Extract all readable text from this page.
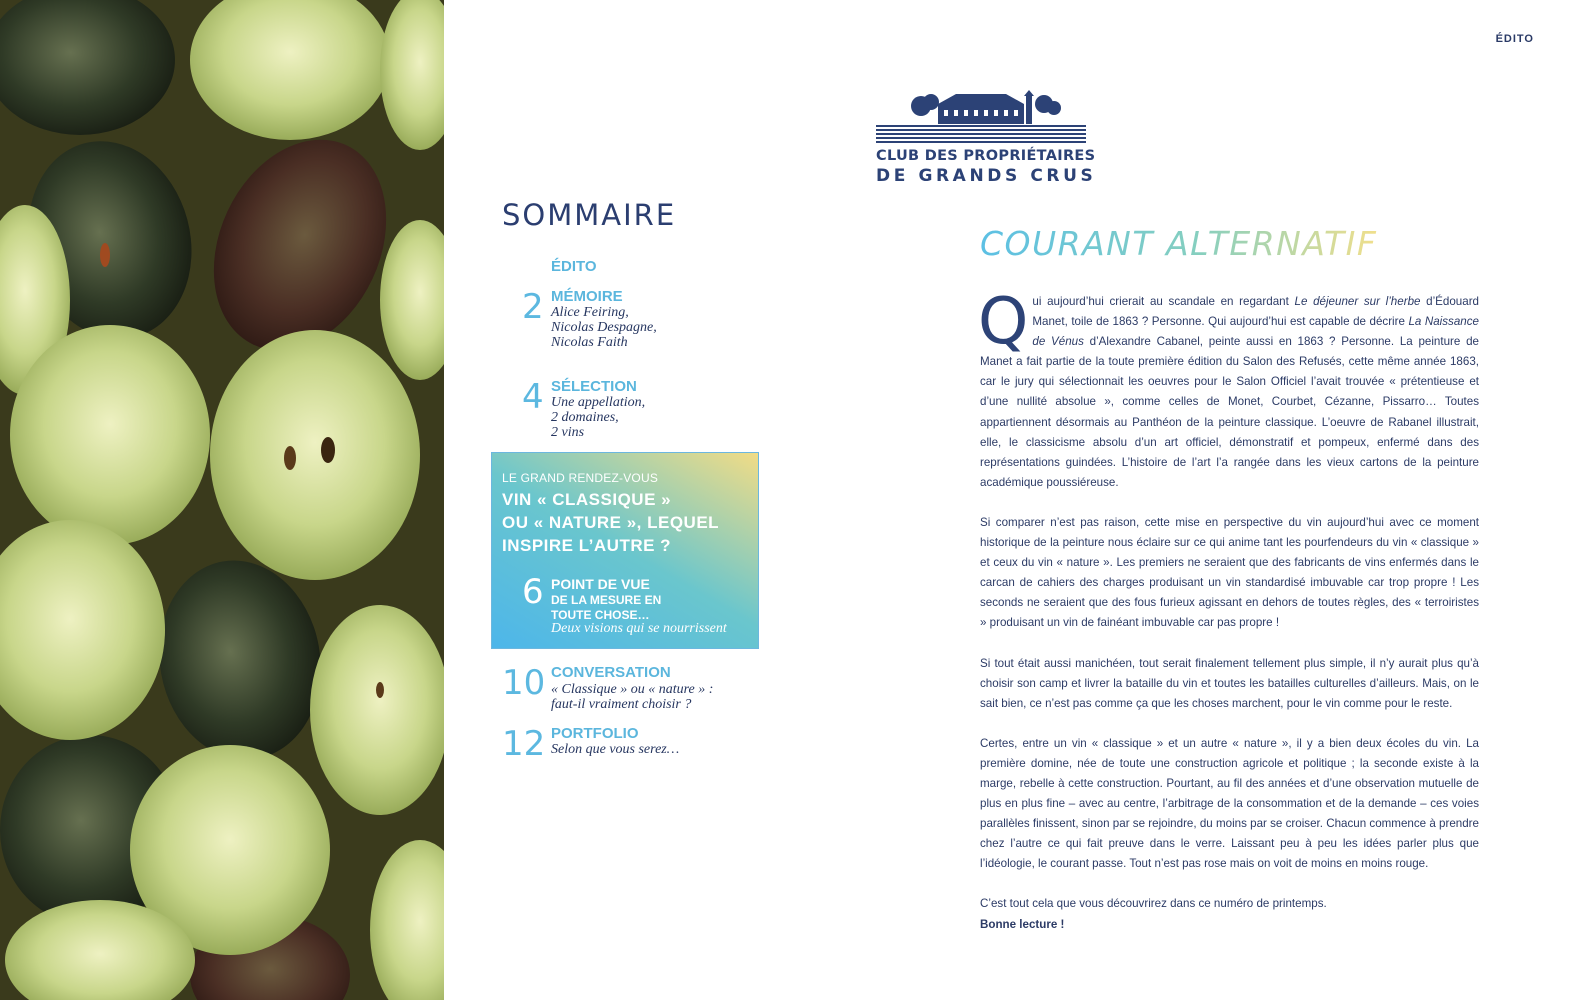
ÉDITO
CLUB DES PROPRIÉTAIRES
DE GRANDS CRUS
SOMMAIRE
ÉDITO
2 MÉMOIRE
Alice Feiring,
Nicolas Despagne,
Nicolas Faith
4 SÉLECTION
Une appellation,
2 domaines,
2 vins
LE GRAND RENDEZ-VOUS
VIN « CLASSIQUE »
OU « NATURE », LEQUEL
INSPIRE L’AUTRE ?
6 POINT DE VUE
DE LA MESURE EN
TOUTE CHOSE…
Deux visions qui se nourrissent
10 CONVERSATION
« Classique » ou « nature » :
faut-il vraiment choisir ?
12 PORTFOLIO
Selon que vous serez…
COURANT ALTERNATIF

Qui aujourd’hui crierait au scandale en regardant Le déjeuner sur l’herbe d’Édouard Manet, toile de 1863 ? Personne. Qui aujourd’hui est capable de décrire La Naissance de Vénus d’Alexandre Cabanel, peinte aussi en 1863 ? Personne. La peinture de Manet a fait partie de la toute première édition du Salon des Refusés, cette même année 1863, car le jury qui sélectionnait les oeuvres pour le Salon Officiel l’avait trouvée « prétentieuse et d’une nullité absolue », comme celles de Monet, Courbet, Cézanne, Pissarro… Toutes appartiennent désormais au Panthéon de la peinture classique. L’oeuvre de Rabanel illustrait, elle, le classicisme absolu d’un art officiel, démonstratif et pompeux, enfermé dans des représentations guindées. L’histoire de l’art l’a rangée dans les vieux cartons de la peinture académique poussiéreuse.

Si comparer n’est pas raison, cette mise en perspective du vin aujourd’hui avec ce moment historique de la peinture nous éclaire sur ce qui anime tant les pourfendeurs du vin « classique » et ceux du vin « nature ». Les premiers ne seraient que des fabricants de vins enfermés dans le carcan de cahiers des charges produisant un vin standardisé imbuvable car trop propre ! Les seconds ne seraient que des fous furieux agissant en dehors de toutes règles, des « terroiristes » produisant un vin de fainéant imbuvable car pas propre !

Si tout était aussi manichéen, tout serait finalement tellement plus simple, il n’y aurait plus qu’à choisir son camp et livrer la bataille du vin et toutes les batailles culturelles d’ailleurs. Mais, on le sait bien, ce n’est pas comme ça que les choses marchent, pour le vin comme pour le reste.

Certes, entre un vin « classique » et un autre « nature », il y a bien deux écoles du vin. La première domine, née de toute une construction agricole et politique ; la seconde existe à la marge, rebelle à cette construction. Pourtant, au fil des années et d’une observation mutuelle de plus en plus fine – avec au centre, l’arbitrage de la consommation et de la demande – ces voies parallèles finissent, sinon par se rejoindre, du moins par se croiser. Chacun commence à prendre chez l’autre ce qui fait preuve dans le verre. Laissant peu à peu les idées parler plus que l’idéologie, le courant passe. Tout n’est pas rose mais on voit de moins en moins rouge.

C’est tout cela que vous découvrirez dans ce numéro de printemps.

Bonne lecture !
